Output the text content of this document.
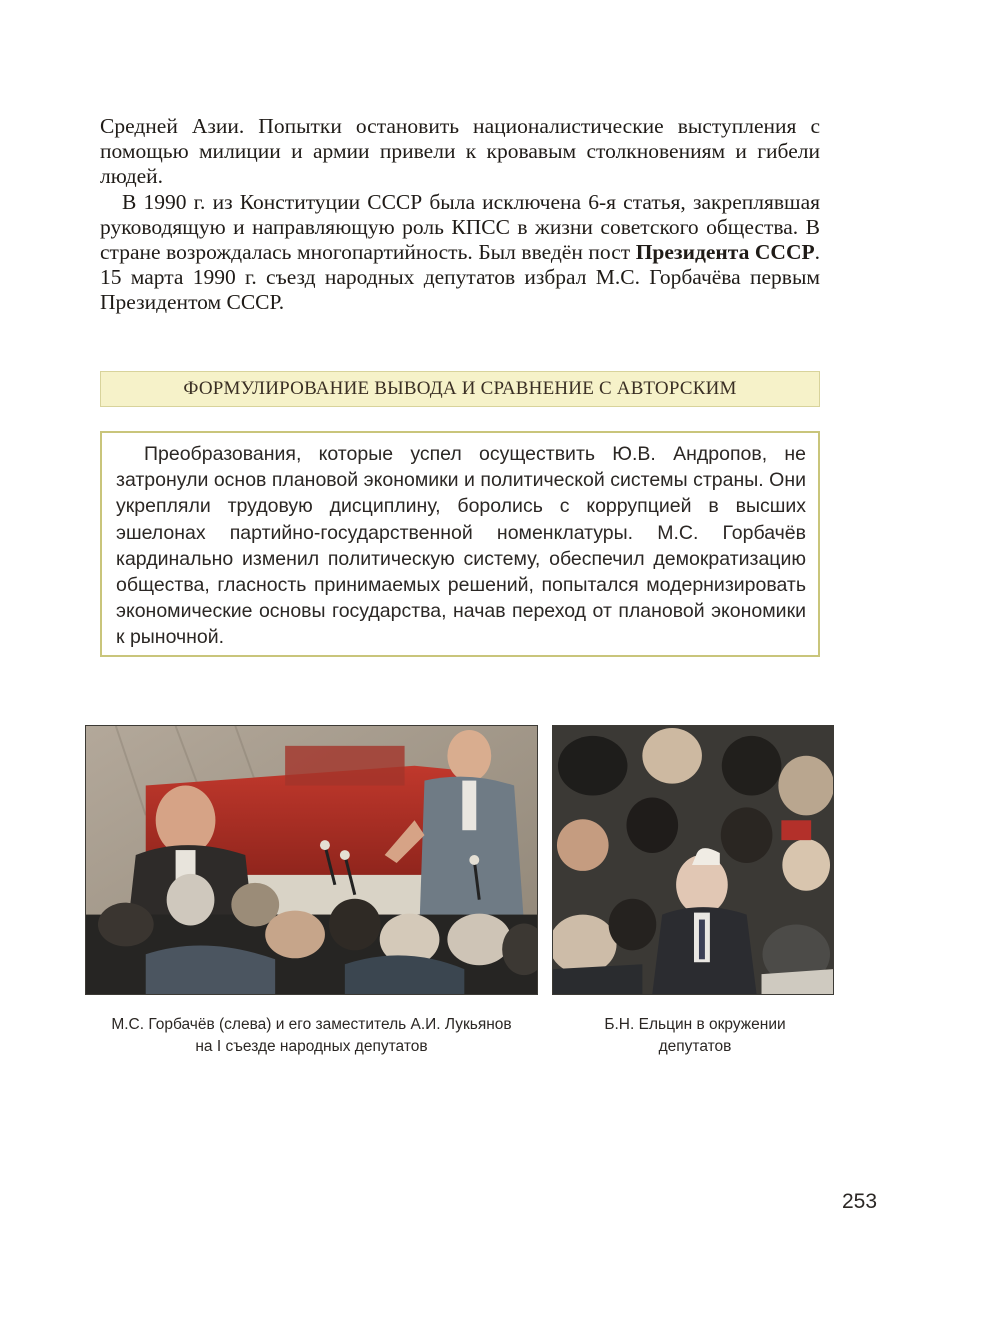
Средней Азии. Попытки остановить националистические выступления с помощью милиции и армии привели к кровавым столкновениям и гибели людей.

В 1990 г. из Конституции СССР была исключена 6-я статья, закреплявшая руководящую и направляющую роль КПСС в жизни советского общества. В стране возрождалась многопартийность. Был введён пост Президента СССР. 15 марта 1990 г. съезд народных депутатов избрал М.С. Горбачёва первым Президентом СССР.

ФОРМУЛИРОВАНИЕ ВЫВОДА И СРАВНЕНИЕ С АВТОРСКИМ
Преобразования, которые успел осуществить Ю.В. Андропов, не затронули основ плановой экономики и политической системы страны. Они укрепляли трудовую дисциплину, боролись с коррупцией в высших эшелонах партийно-государственной номенклатуры. М.С. Горбачёв кардинально изменил политическую систему, обеспечил демократизацию общества, гласность принимаемых решений, попытался модернизировать экономические основы государства, начав переход от плановой экономики к рыночной.
М.С. Горбачёв (слева) и его заместитель А.И. Лукьянов
на I съезде народных депутатов
Б.Н. Ельцин в окружении
депутатов
253
